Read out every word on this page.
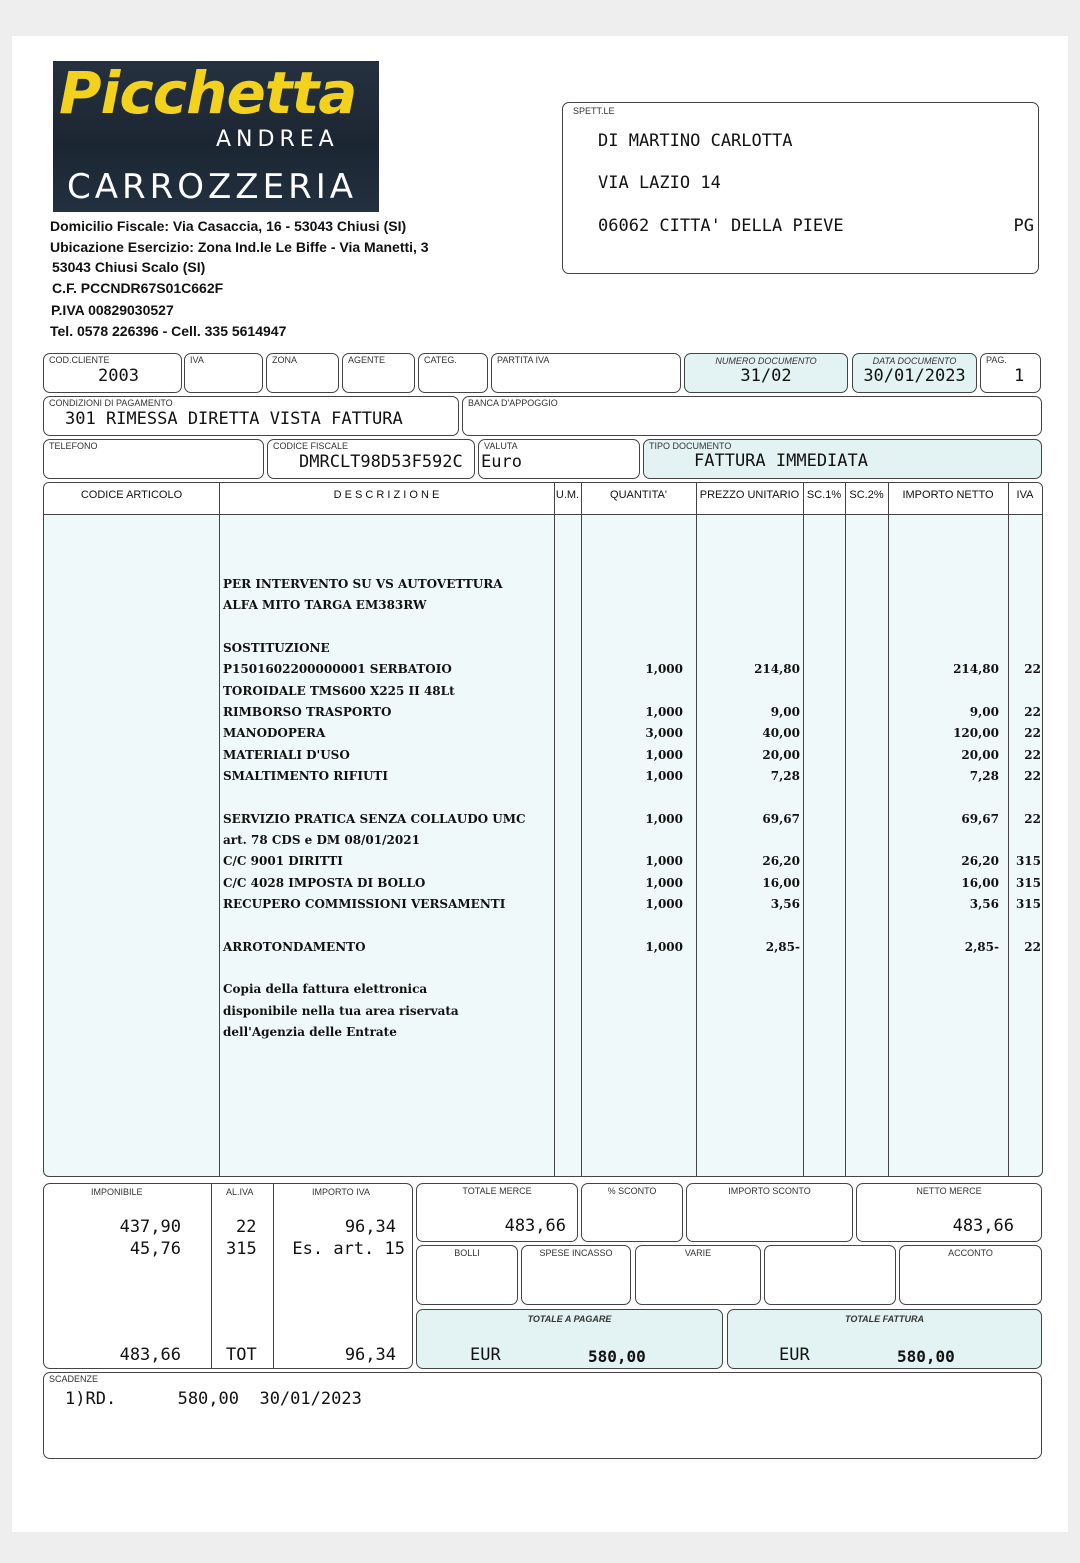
Picchetta
ANDREA
CARROZZERIA
Domicilio Fiscale: Via Casaccia, 16 - 53043 Chiusi (SI)
Ubicazione Esercizio: Zona Ind.le Le Biffe - Via Manetti, 3
53043 Chiusi Scalo (SI)
C.F. PCCNDR67S01C662F
P.IVA 00829030527
Tel. 0578 226396 - Cell. 335 5614947
SPETT.LE
DI MARTINO CARLOTTA
VIA LAZIO 14
06062 CITTA' DELLA PIEVE	PG
COD.CLIENTE
2003
IVA	ZONA	AGENTE	CATEG.	PARTITA IVA	NUMERO DOCUMENTO
31/02
DATA DOCUMENTO
30/01/2023
PAG.
1
CONDIZIONI DI PAGAMENTO
301 RIMESSA DIRETTA VISTA FATTURA
BANCA D'APPOGGIO
TELEFONO	CODICE FISCALE
DMRCLT98D53F592C
VALUTA
Euro
TIPO DOCUMENTO
FATTURA IMMEDIATA
CODICE ARTICOLO	D E S C R I Z I O N E	U.M.	QUANTITA'	PREZZO UNITARIO SC.1% SC.2%	IMPORTO NETTO	IVA
PER INTERVENTO SU VS AUTOVETTURA
ALFA MITO TARGA EM383RW
SOSTITUZIONE
P1501602200000001 SERBATOIO	1,000	214,80	214,80 22
TOROIDALE TMS600 X225 II 48Lt
RIMBORSO TRASPORTO	1,000	9,00	9,00 22
MANODOPERA	3,000	40,00	120,00 22
MATERIALI D'USO	1,000	20,00	20,00 22
SMALTIMENTO RIFIUTI	1,000	7,28	7,28 22
SERVIZIO PRATICA SENZA COLLAUDO UMC	1,000	69,67	69,67 22
art. 78 CDS e DM 08/01/2021
C/C 9001 DIRITTI	1,000	26,20	26,20 315
C/C 4028 IMPOSTA DI BOLLO	1,000	16,00	16,00 315
RECUPERO COMMISSIONI VERSAMENTI	1,000	3,56	3,56 315
ARROTONDAMENTO	1,000	2,85-	2,85- 22
Copia della fattura elettronica
disponibile nella tua area riservata
dell'Agenzia delle Entrate
IMPONIBILE	AL.IVA	IMPORTO IVA
437,90	22	96,34
45,76	315 Es. art. 15
483,66	TOT	96,34
TOTALE MERCE
483,66
% SCONTO	IMPORTO SCONTO	NETTO MERCE
483,66
BOLLI	SPESE INCASSO	VARIE	ACCONTO
TOTALE A PAGARE
EUR	580,00
TOTALE FATTURA
EUR	580,00
SCADENZE
1)RD.      580,00  30/01/2023
